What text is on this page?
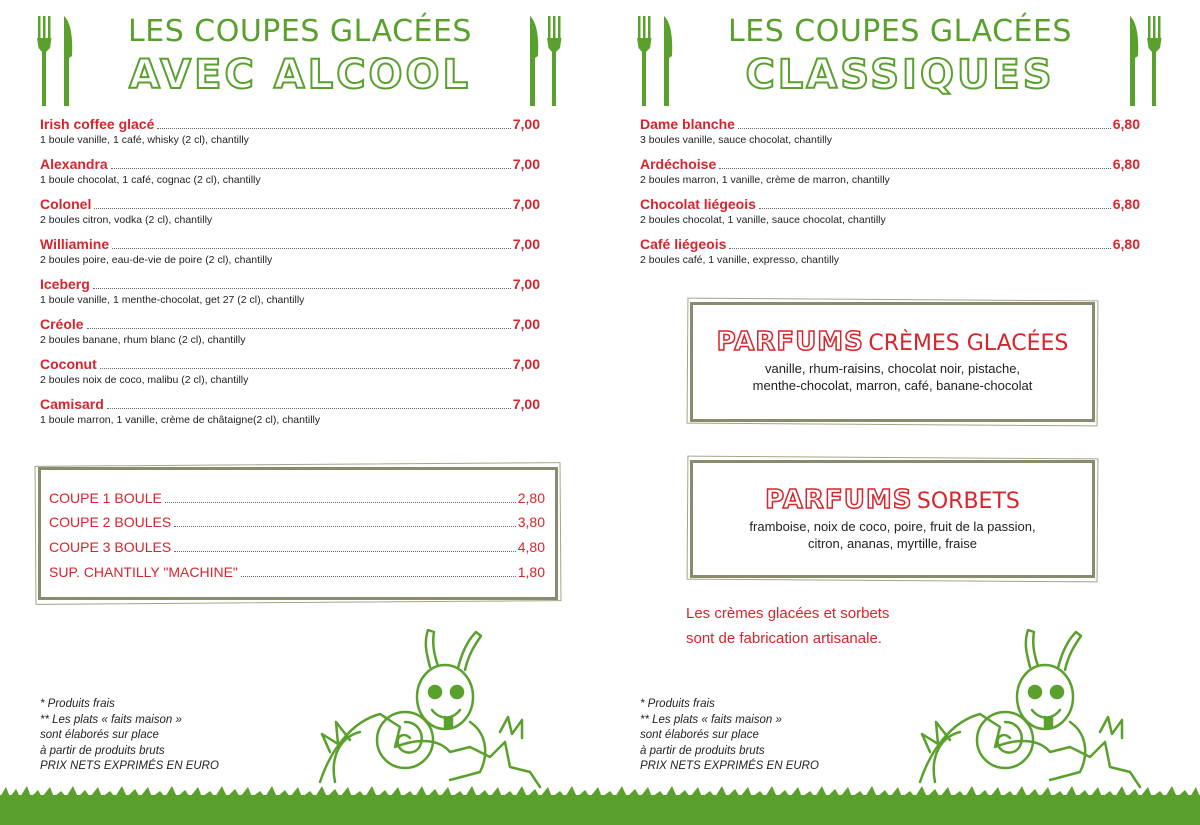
LES COUPES GLACÉES
AVEC ALCOOL
Irish coffee glacé	7,00
1 boule vanille, 1 café, whisky (2 cl), chantilly
Alexandra	7,00
1 boule chocolat, 1 café, cognac (2 cl), chantilly
Colonel	7,00
2 boules citron, vodka (2 cl), chantilly
Williamine	7,00
2 boules poire, eau-de-vie de poire (2 cl), chantilly
Iceberg	7,00
1 boule vanille, 1 menthe-chocolat, get 27 (2 cl), chantilly
Créole	7,00
2 boules banane, rhum blanc (2 cl), chantilly
Coconut	7,00
2 boules noix de coco, malibu (2 cl), chantilly
Camisard	7,00
1 boule marron, 1 vanille, crème de châtaigne(2 cl), chantilly
COUPE 1 BOULE	2,80
COUPE 2 BOULES	3,80
COUPE 3 BOULES	4,80
SUP. CHANTILLY "MACHINE"	1,80
* Produits frais
** Les plats « faits maison »
sont élaborés sur place
à partir de produits bruts
PRIX NETS EXPRIMÉS EN EURO
LES COUPES GLACÉES
CLASSIQUES
Dame blanche	6,80
3 boules vanille, sauce chocolat, chantilly
Ardéchoise	6,80
2 boules marron, 1 vanille, crème de marron, chantilly
Chocolat liégeois	6,80
2 boules chocolat, 1 vanille, sauce chocolat, chantilly
Café liégeois	6,80
2 boules café, 1 vanille, expresso, chantilly
Les crèmes glacées et sorbets
sont de fabrication artisanale.
* Produits frais
** Les plats « faits maison »
sont élaborés sur place
à partir de produits bruts
PRIX NETS EXPRIMÉS EN EURO
PARFUMS CRÈMES GLACÉES
vanille, rhum-raisins, chocolat noir, pistache,
menthe-chocolat, marron, café, banane-chocolat
PARFUMS SORBETS
framboise, noix de coco, poire, fruit de la passion,
citron, ananas, myrtille, fraise
